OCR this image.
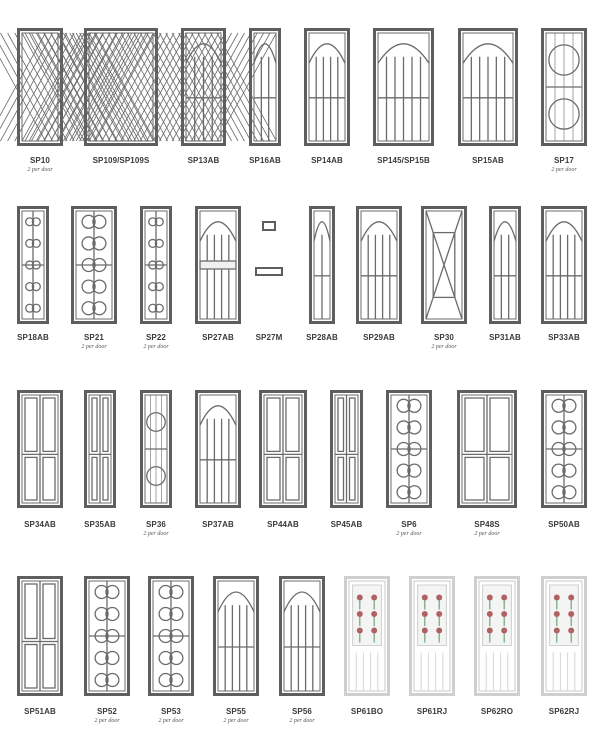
SP10
2 per door
SP109/SP109S	SP13AB	SP16AB	SP14AB	SP145/SP15B	SP15AB	SP17
2 per door
SP18AB	SP21
2 per door
SP22
2 per door
SP27AB	SP27M	SP28AB	SP29AB	SP30
2 per door
SP31AB	SP33AB
SP34AB	SP35AB	SP36
2 per door
SP37AB	SP44AB	SP45AB	SP6
2 per door
SP48S
2 per door
SP50AB
SP51AB	SP52
2 per door
SP53
2 per door
SP55
2 per door
SP56
2 per door
SP61BO	SP61RJ	SP62RO	SP62RJ
